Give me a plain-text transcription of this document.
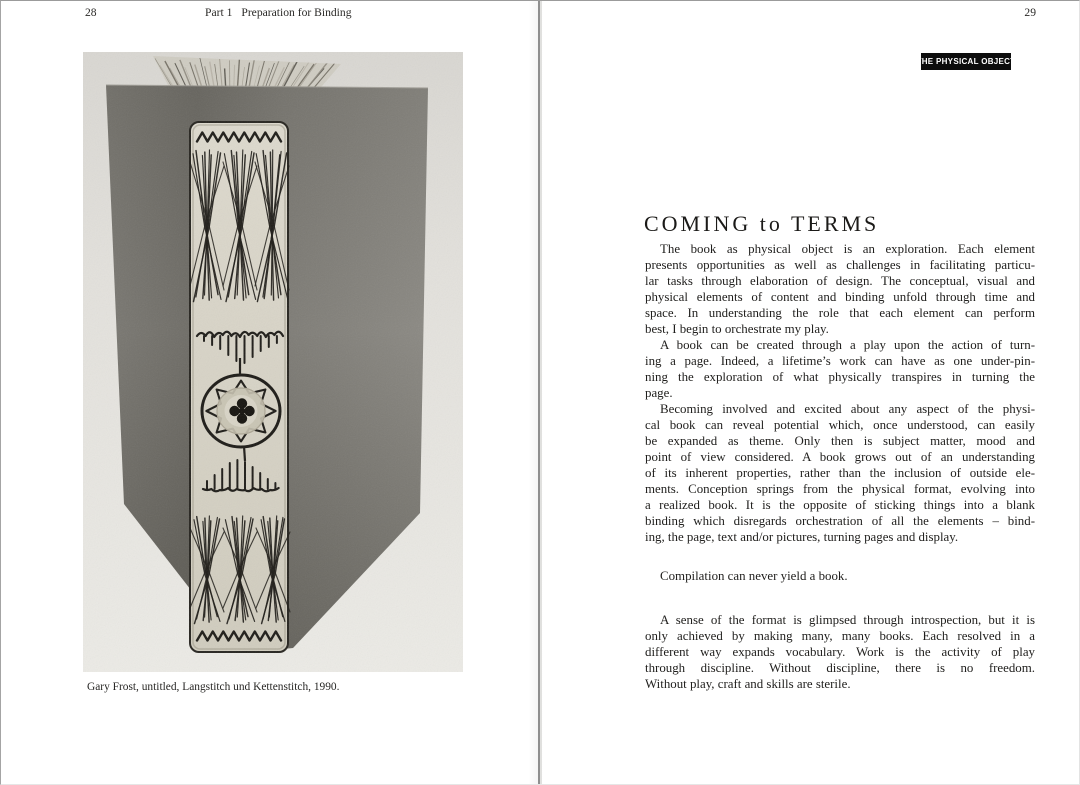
28	Part 1 Preparation for Binding
Gary Frost, untitled, Langstitch und Kettenstitch, 1990.
29
THE PHYSICAL OBJECT
COMING to TERMS
The book as physical object is an exploration. Each element
presents opportunities as well as challenges in facilitating particu-
lar tasks through elaboration of design. The conceptual, visual and
physical elements of content and binding unfold through time and
space. In understanding the role that each element can perform
best, I begin to orchestrate my play.
A book can be created through a play upon the action of turn-
ing a page. Indeed, a lifetime’s work can have as one under-pin-
ning the exploration of what physically transpires in turning the
page.
Becoming involved and excited about any aspect of the physi-
cal book can reveal potential which, once understood, can easily
be expanded as theme. Only then is subject matter, mood and
point of view considered. A book grows out of an understanding
of its inherent properties, rather than the inclusion of outside ele-
ments. Conception springs from the physical format, evolving into
a realized book. It is the opposite of sticking things into a blank
binding which disregards orchestration of all the elements – bind-
ing, the page, text and/or pictures, turning pages and display.
Compilation can never yield a book.
A sense of the format is glimpsed through introspection, but it is
only achieved by making many, many books. Each resolved in a
different way expands vocabulary. Work is the activity of play
through discipline. Without discipline, there is no freedom.
Without play, craft and skills are sterile.
